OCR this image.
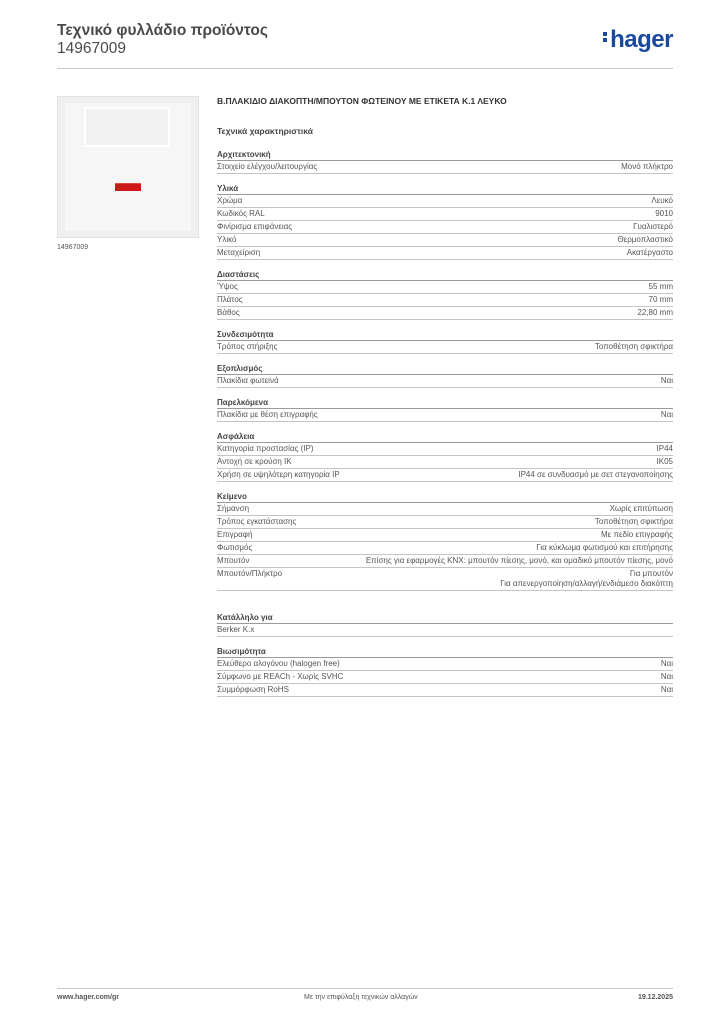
Τεχνικό φυλλάδιο προϊόντος
14967009	hager
14967009
Β.ΠΛΑΚΙΔΙΟ ΔΙΑΚΟΠΤΗ/ΜΠΟΥΤΟΝ ΦΩΤΕΙΝΟΥ ΜΕ ΕΤΙΚΕΤΑ Κ.1 ΛΕΥΚΟ
Τεχνικά χαρακτηριστικά
Αρχιτεκτονική
Στοιχείο ελέγχου/λειτουργίας	Μονό πλήκτρο
Υλικά
Χρώμα	Λευκό
Κωδικός RAL	9010
Φινίρισμα επιφάνειας	Γυαλιστερό
Υλικό	Θερμοπλαστικό
Μεταχείριση	Ακατέργαστο
Διαστάσεις
Ύψος	55 mm
Πλάτος	70 mm
Βάθος	22,80 mm
Συνδεσιμότητα
Τρόπος στήριξης	Τοποθέτηση σφικτήρα
Εξοπλισμός
Πλακίδια φωτεινά	Ναι
Παρελκόμενα
Πλακίδια με θέση επιγραφής	Ναι
Ασφάλεια
Κατηγορία προστασίας (IP)	IP44
Αντοχή σε κρούση IK	IK05
Χρήση σε υψηλότερη κατηγορία IP	IP44 σε συνδυασμό με σετ στεγανοποίησης
Κείμενο
Σήμανση	Χωρίς επιτύπωση
Τρόπος εγκατάστασης	Τοποθέτηση σφικτήρα
Επιγραφή	Με πεδίο επιγραφής
Φωτισμός	Για κύκλωμα φωτισμού και επιτήρησης
Μπουτόν	Επίσης για εφαρμογές KNX: μπουτόν πίεσης, μονό, και ομαδικό μπουτόν πίεσης, μονό
Μπουτόν/Πλήκτρο	Για μπουτόν
Για απενεργοποίηση/αλλαγή/ενδιάμεσο διακόπτη
Κατάλληλο για
Berker K.x
Βιωσιμότητα
Ελεύθερο αλογόνου (halogen free)	Ναι
Σύμφωνο με REACh - Χωρίς SVHC	Ναι
Συμμόρφωση RoHS	Ναι
www.hager.com/gr	Με την επιφύλαξη τεχνικών αλλαγών	19.12.2025
